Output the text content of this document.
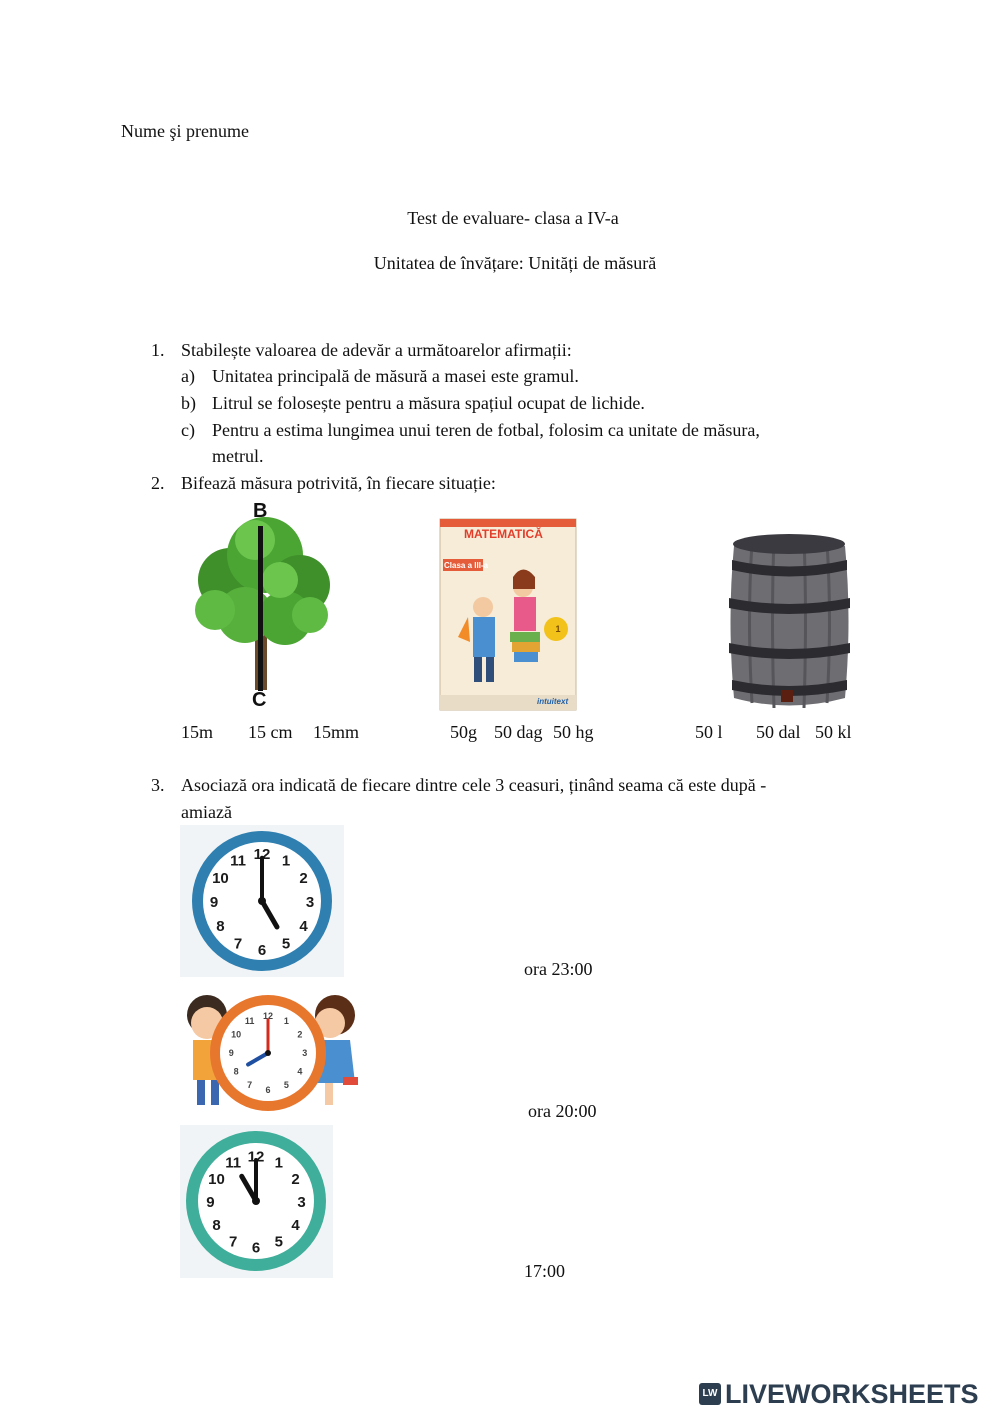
Nume şi prenume
Test de evaluare- clasa a IV-a
Unitatea de învățare: Unități de măsură
1. Stabilește valoarea de adevăr a următoarelor afirmații:
a) Unitatea principală de măsură a masei este gramul.
b) Litrul se folosește pentru a măsura spațiul ocupat de lichide.
c) Pentru a estima lungimea unui teren de fotbal, folosim ca unitate de măsura,
metrul.
2. Bifează măsura potrivită, în fiecare situație:
B
C
MATEMATICĂ
Clasa a III-a
1
intuitext
15m 15 cm 15mm	50g 50 dag 50 hg	50 l 50 dal 50 kl
3. Asociază ora indicată de fiecare dintre cele 3 ceasuri, ținând seama că este după -
amiază
12 1
2
3
4
5
6
7
8
9
10
11
12 1
2
3
4
5
6
7
8
9
10
11
12 1
2
3
4
5
6
7
8
9
10
11
ora 23:00
ora 20:00
17:00
LW LIVEWORKSHEETS
